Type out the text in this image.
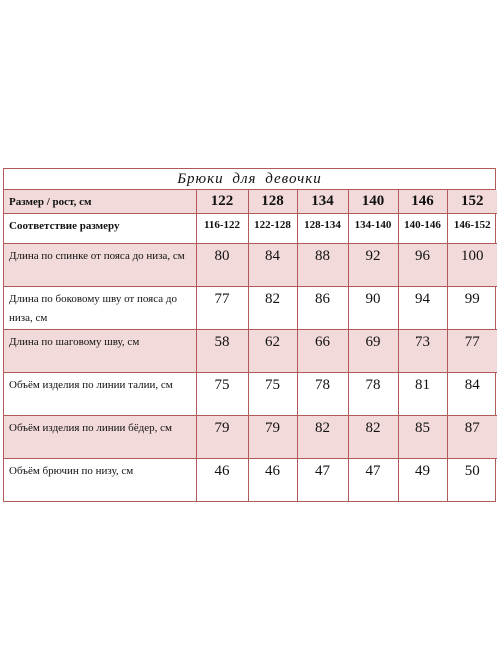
Брюки для девочки
Размер / рост, см	122	128	134	140	146	152
Соответствие размеру	116-122	122-128	128-134	134-140	140-146	146-152
Длина по спинке от пояса до низа, см	80	84	88	92	96	100
Длина по боковому шву от пояса до низа, см	77	82	86	90	94	99
Длина по шаговому шву, см	58	62	66	69	73	77
Объём изделия по линии талии, см	75	75	78	78	81	84
Объём изделия по линии бёдер, см	79	79	82	82	85	87
Объём брючин по низу, см	46	46	47	47	49	50
